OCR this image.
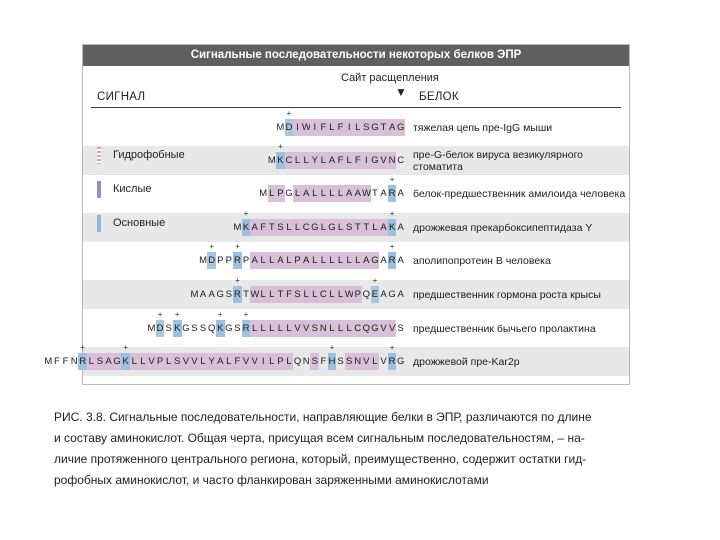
Сигнальные последовательности некоторых белков ЭПР
Сайт расщепления
▼
СИГНАЛ	БЕЛОК
M + D I W I F L F I L S G T A G тяжелая цепь пре-IgG мыши
M + K C L L Y L A F L F I G V N C пре-G-белок вируса везикулярного стоматита
M L P G L A L L L L A A W T A + R A белок-предшественник амилоида человека
M + K A F T S L L C G L G L S T T L A + K A дрожжевая прекарбоксипептидаза Y
M + D P P + R P A L L A L P A L L L L L L A G A + R A аполипопротеин В человека
M A A G S + R T W L L T F S L L C L L W P Q + E A G A предшественник гормона роста крысы
M + D S + K G S S Q + K G S + R L L L L L V V S N L L L C Q G V V S предшественник бычьего пролактина
M F F N + R L S A G + K L L V P L S V V L Y A L F V V I L P L Q N S F + H S S N V L V + R G дрожжевой пре-Kar2p
Гидрофобные
Кислые
Основные

РИС. 3.8. Сигнальные последовательности, направляющие белки в ЭПР, различаются по длине

и составу аминокислот. Общая черта, присущая всем сигнальным последовательностям, – на-

личие протяженного центрального региона, который, преимущественно, содержит остатки гид-

рофобных аминокислот, и часто фланкирован заряженными аминокислотами
